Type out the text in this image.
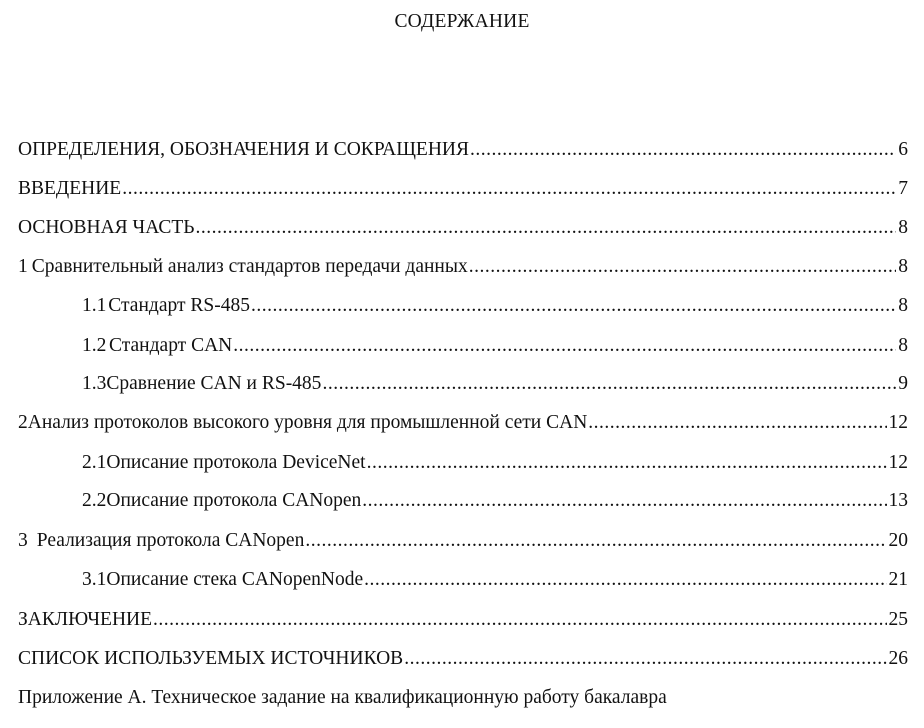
СОДЕРЖАНИЕ
ОПРЕДЕЛЕНИЯ, ОБОЗНАЧЕНИЯ И СОКРАЩЕНИЯ .....	6
ВВЕДЕНИЕ .....	7
ОСНОВНАЯ ЧАСТЬ .....	8
1 Сравнительный анализ стандартов передачи данных .....	8
1.1 Стандарт RS-485 .....	8
1.2 Стандарт CAN .....	8
1.3 Сравнение CAN и RS-485 .....	9
2 Анализ протоколов высокого уровня для промышленной сети CAN .....	12
2.1 Описание протокола DeviceNet .....	12
2.2 Описание протокола CANopen .....	13
3 Реализация протокола CANopen .....	20
3.1 Описание стека CANopenNode .....	21
ЗАКЛЮЧЕНИЕ .....	25
СПИСОК ИСПОЛЬЗУЕМЫХ ИСТОЧНИКОВ .....	26
Приложение А. Техническое задание на квалификационную работу бакалавра
